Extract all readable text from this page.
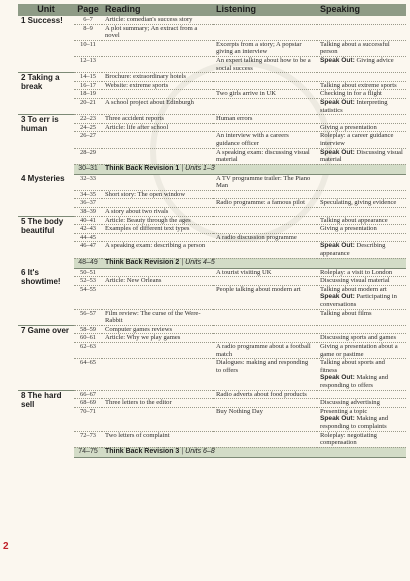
Unit	Page	Reading	Listening	Speaking
1 Success!	6–7	Article: comedian's success story		
	8–9	A plot summary; An extract from a novel		
	10–11		Excerpts from a story; A popstar giving an interview	Talking about a successful person
	12–13		An expert talking about how to be a social success	Speak Out: Giving advice
2 Taking a break	14–15	Brochure: extraordinary hotels		
	16–17	Website: extreme sports		Talking about extreme sports
	18–19		Two girls arrive in UK	Checking in for a flight
	20–21	A school project about Edinburgh		Speak Out: Interpreting statistics
3 To err is human	22–23	Three accident reports	Human errors	
	24–25	Article: life after school		Giving a presentation
	26–27		An interview with a careers guidance officer	Roleplay: a career guidance interview
	28–29		A speaking exam: discussing visual material	Speak Out: Discussing visual material
	30–31	Think Back Revision 1 | Units 1–3		
4 Mysteries	32–33		A TV programme trailer: The Piano Man	
	34–35	Short story: The open window		
	36–37		Radio programme: a famous pilot	Speculating, giving evidence
	38–39	A story about two rivals		
5 The body beautiful	40–41	Article: Beauty through the ages		Talking about appearance
	42–43	Examples of different text types		Giving a presentation
	44–45		A radio discussion programme	
	46–47	A speaking exam: describing a person		Speak Out: Describing appearance
	48–49	Think Back Revision 2 | Units 4–5		
6 It's showtime!	50–51		A tourist visiting UK	Roleplay: a visit to London
	52–53	Article: New Orleans		Discussing visual material
	54–55		People talking about modern art	Talking about modern art
Speak Out: Participating in conversations
	56–57	Film review: The curse of the Were-Rabbit		Talking about films
7 Game over	58–59	Computer games reviews		
	60–61	Article: Why we play games		Discussing sports and games
	62–63		A radio programme about a football match	Giving a presentation about a game or pastime
	64–65		Dialogues: making and responding to offers	Talking about sports and fitness
Speak Out: Making and responding to offers
8 The hard sell	66–67		Radio adverts about food products	
	68–69	Three letters to the editor		Discussing advertising
	70–71		Buy Nothing Day	Presenting a topic
Speak Out: Making and responding to complaints
	72–73	Two letters of complaint		Roleplay: negotiating compensation
	74–75	Think Back Revision 3 | Units 6–8		
2
